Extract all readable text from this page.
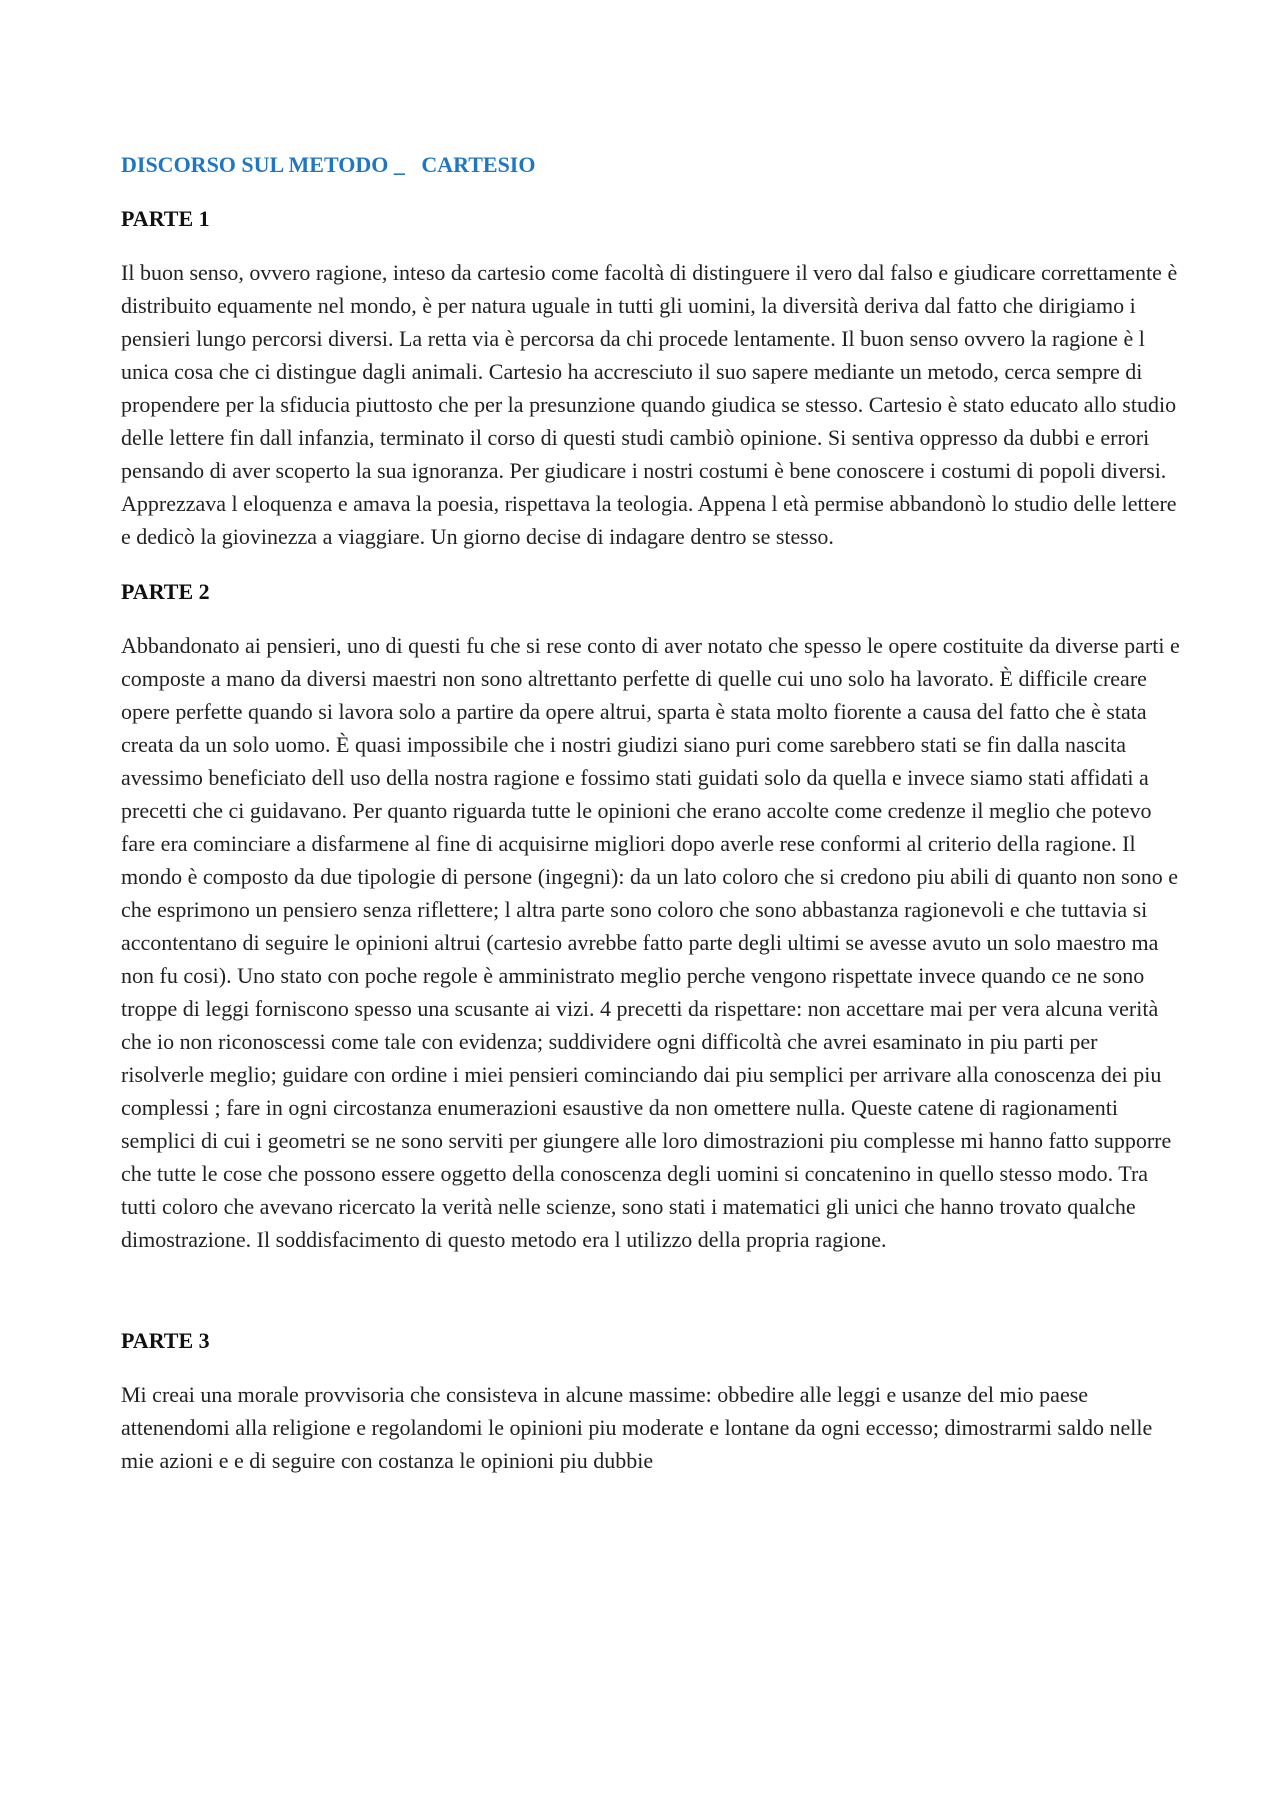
DISCORSO SUL METODO _   CARTESIO
PARTE 1

Il buon senso, ovvero ragione, inteso da cartesio come facoltà di distinguere il vero dal falso e giudicare correttamente è distribuito equamente nel mondo, è per natura uguale in tutti gli uomini, la diversità deriva dal fatto che dirigiamo i pensieri lungo percorsi diversi. La retta via è percorsa da chi procede lentamente. Il buon senso ovvero la ragione è l unica cosa che ci distingue dagli animali. Cartesio ha accresciuto il suo sapere mediante un metodo, cerca sempre di propendere per la sfiducia piuttosto che per la presunzione quando giudica se stesso. Cartesio è stato educato allo studio delle lettere fin dall infanzia, terminato il corso di questi studi cambiò opinione. Si sentiva oppresso da dubbi e errori pensando di aver scoperto la sua ignoranza. Per giudicare i nostri costumi è bene conoscere i costumi di popoli diversi. Apprezzava l eloquenza e amava la poesia, rispettava la teologia. Appena l età permise abbandonò lo studio delle lettere e dedicò la giovinezza a viaggiare. Un giorno decise di indagare dentro se stesso.

PARTE 2

Abbandonato ai pensieri, uno di questi fu che si rese conto di aver notato che spesso le opere costituite da diverse parti e composte a mano da diversi maestri non sono altrettanto perfette di quelle cui uno solo ha lavorato. È difficile creare opere perfette quando si lavora solo a partire da opere altrui, sparta è stata molto fiorente a causa del fatto che è stata creata da un solo uomo. È quasi impossibile che i nostri giudizi siano puri come sarebbero stati se fin dalla nascita avessimo beneficiato dell uso della nostra ragione e fossimo stati guidati solo da quella e invece siamo stati affidati a precetti che ci guidavano. Per quanto riguarda tutte le opinioni che erano accolte come credenze il meglio che potevo fare era cominciare a disfarmene al fine di acquisirne migliori dopo averle rese conformi al criterio della ragione. Il mondo è composto da due tipologie di persone (ingegni): da un lato coloro che si credono piu abili di quanto non sono e che esprimono un pensiero senza riflettere; l altra parte sono coloro che sono abbastanza ragionevoli e che tuttavia si accontentano di seguire le opinioni altrui (cartesio avrebbe fatto parte degli ultimi se avesse avuto un solo maestro ma non fu cosi). Uno stato con poche regole è amministrato meglio perche vengono rispettate invece quando ce ne sono troppe di leggi forniscono spesso una scusante ai vizi. 4 precetti da rispettare: non accettare mai per vera alcuna verità che io non riconoscessi come tale con evidenza; suddividere ogni difficoltà che avrei esaminato in piu parti per risolverle meglio; guidare con ordine i miei pensieri cominciando dai piu semplici per arrivare alla conoscenza dei piu complessi ; fare in ogni circostanza enumerazioni esaustive da non omettere nulla. Queste catene di ragionamenti semplici di cui i geometri se ne sono serviti per giungere alle loro dimostrazioni piu complesse mi hanno fatto supporre che tutte le cose che possono essere oggetto della conoscenza degli uomini si concatenino in quello stesso modo. Tra tutti coloro che avevano ricercato la verità nelle scienze, sono stati i matematici gli unici che hanno trovato qualche dimostrazione. Il soddisfacimento di questo metodo era l utilizzo della propria ragione.

PARTE 3

Mi creai una morale provvisoria che consisteva in alcune massime: obbedire alle leggi e usanze del mio paese attenendomi alla religione e regolandomi le opinioni piu moderate e lontane da ogni eccesso; dimostrarmi saldo nelle mie azioni e e di seguire con costanza le opinioni piu dubbie
